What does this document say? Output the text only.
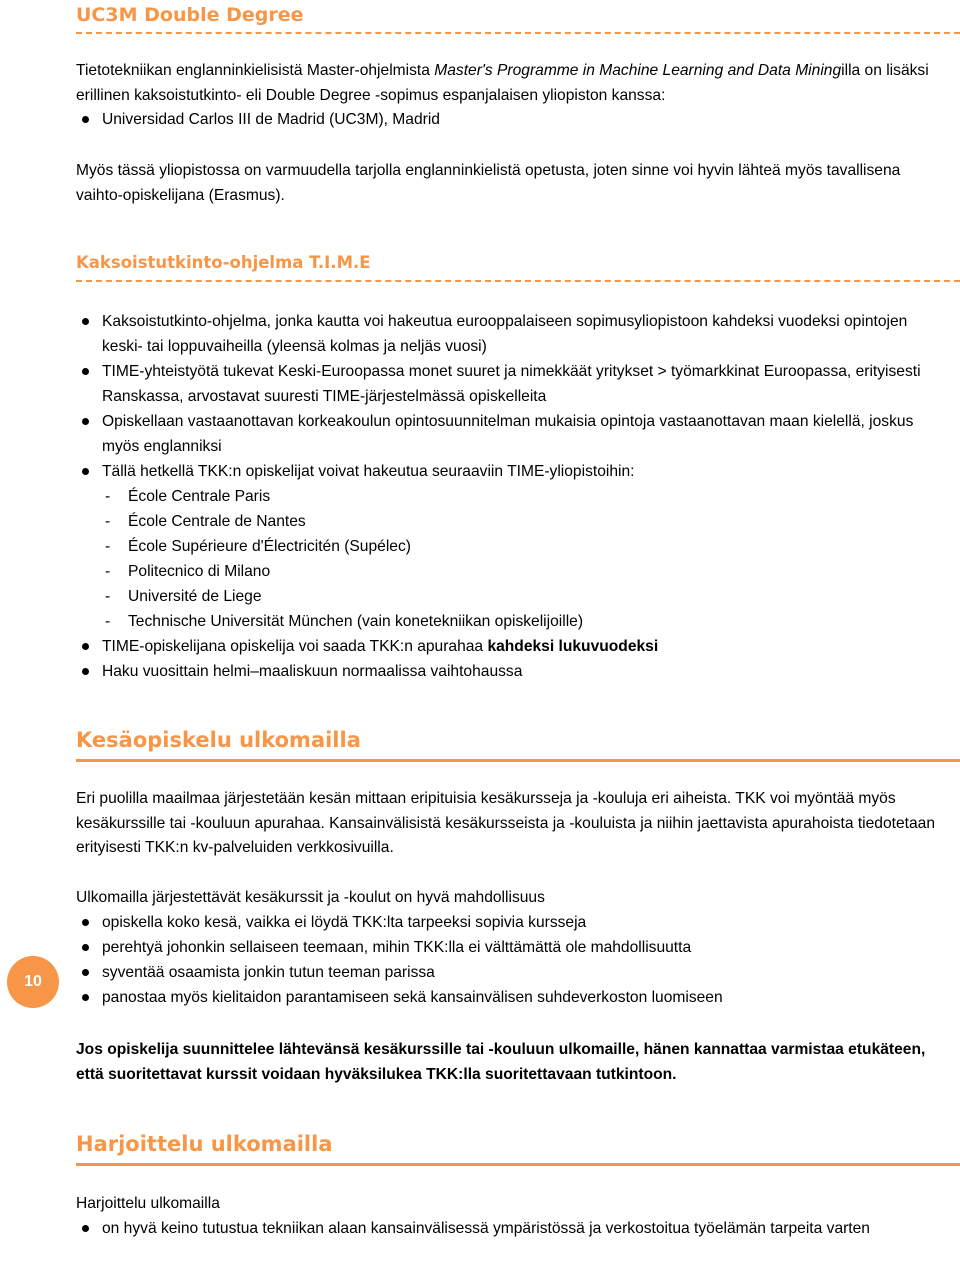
UC3M Double Degree

Tietotekniikan englanninkielisistä Master-ohjelmista Master's Programme in Machine Learning and Data Miningilla on lisäksi erillinen kaksoistutkinto- eli Double Degree -sopimus espanjalaisen yliopiston kanssa:

Universidad Carlos III de Madrid (UC3M), Madrid

Myös tässä yliopistossa on varmuudella tarjolla englanninkielistä opetusta, joten sinne voi hyvin lähteä myös tavallisena vaihto-opiskelijana (Erasmus).

Kaksoistutkinto-ohjelma T.I.M.E
Kaksoistutkinto-ohjelma, jonka kautta voi hakeutua eurooppalaiseen sopimusyliopistoon kahdeksi vuodeksi opintojen keski- tai loppuvaiheilla (yleensä kolmas ja neljäs vuosi)
TIME-yhteistyötä tukevat Keski-Euroopassa monet suuret ja nimekkäät yritykset > työmarkkinat Euroopassa, erityisesti Ranskassa, arvostavat suuresti TIME-järjestelmässä opiskelleita
Opiskellaan vastaanottavan korkeakoulun opintosuunnitelman mukaisia opintoja vastaanottavan maan kielellä, joskus myös englanniksi
Tällä hetkellä TKK:n opiskelijat voivat hakeutua seuraaviin TIME-yliopistoihin:
- École Centrale Paris
- École Centrale de Nantes
- École Supérieure d'Électricitén (Supélec)
- Politecnico di Milano
- Université de Liege
- Technische Universität München (vain konetekniikan opiskelijoille)
TIME-opiskelijana opiskelija voi saada TKK:n apurahaa kahdeksi lukuvuodeksi
Haku vuosittain helmi–maaliskuun normaalissa vaihtohaussa
Kesäopiskelu ulkomailla

Eri puolilla maailmaa järjestetään kesän mittaan eripituisia kesäkursseja ja -kouluja eri aiheista. TKK voi myöntää myös kesäkurssille tai -kouluun apurahaa. Kansainvälisistä kesäkursseista ja -kouluista ja niihin jaettavista apurahoista tiedotetaan erityisesti TKK:n kv-palveluiden verkkosivuilla.

Ulkomailla järjestettävät kesäkurssit ja -koulut on hyvä mahdollisuus

opiskella koko kesä, vaikka ei löydä TKK:lta tarpeeksi sopivia kursseja
perehtyä johonkin sellaiseen teemaan, mihin TKK:lla ei välttämättä ole mahdollisuutta
syventää osaamista jonkin tutun teeman parissa
panostaa myös kielitaidon parantamiseen sekä kansainvälisen suhdeverkoston luomiseen

Jos opiskelija suunnittelee lähtevänsä kesäkurssille tai -kouluun ulkomaille, hänen kannattaa varmistaa etukäteen, että suoritettavat kurssit voidaan hyväksilukea TKK:lla suoritettavaan tutkintoon.

10
Harjoittelu ulkomailla

Harjoittelu ulkomailla

on hyvä keino tutustua tekniikan alaan kansainvälisessä ympäristössä ja verkostoitua työelämän tarpeita varten
